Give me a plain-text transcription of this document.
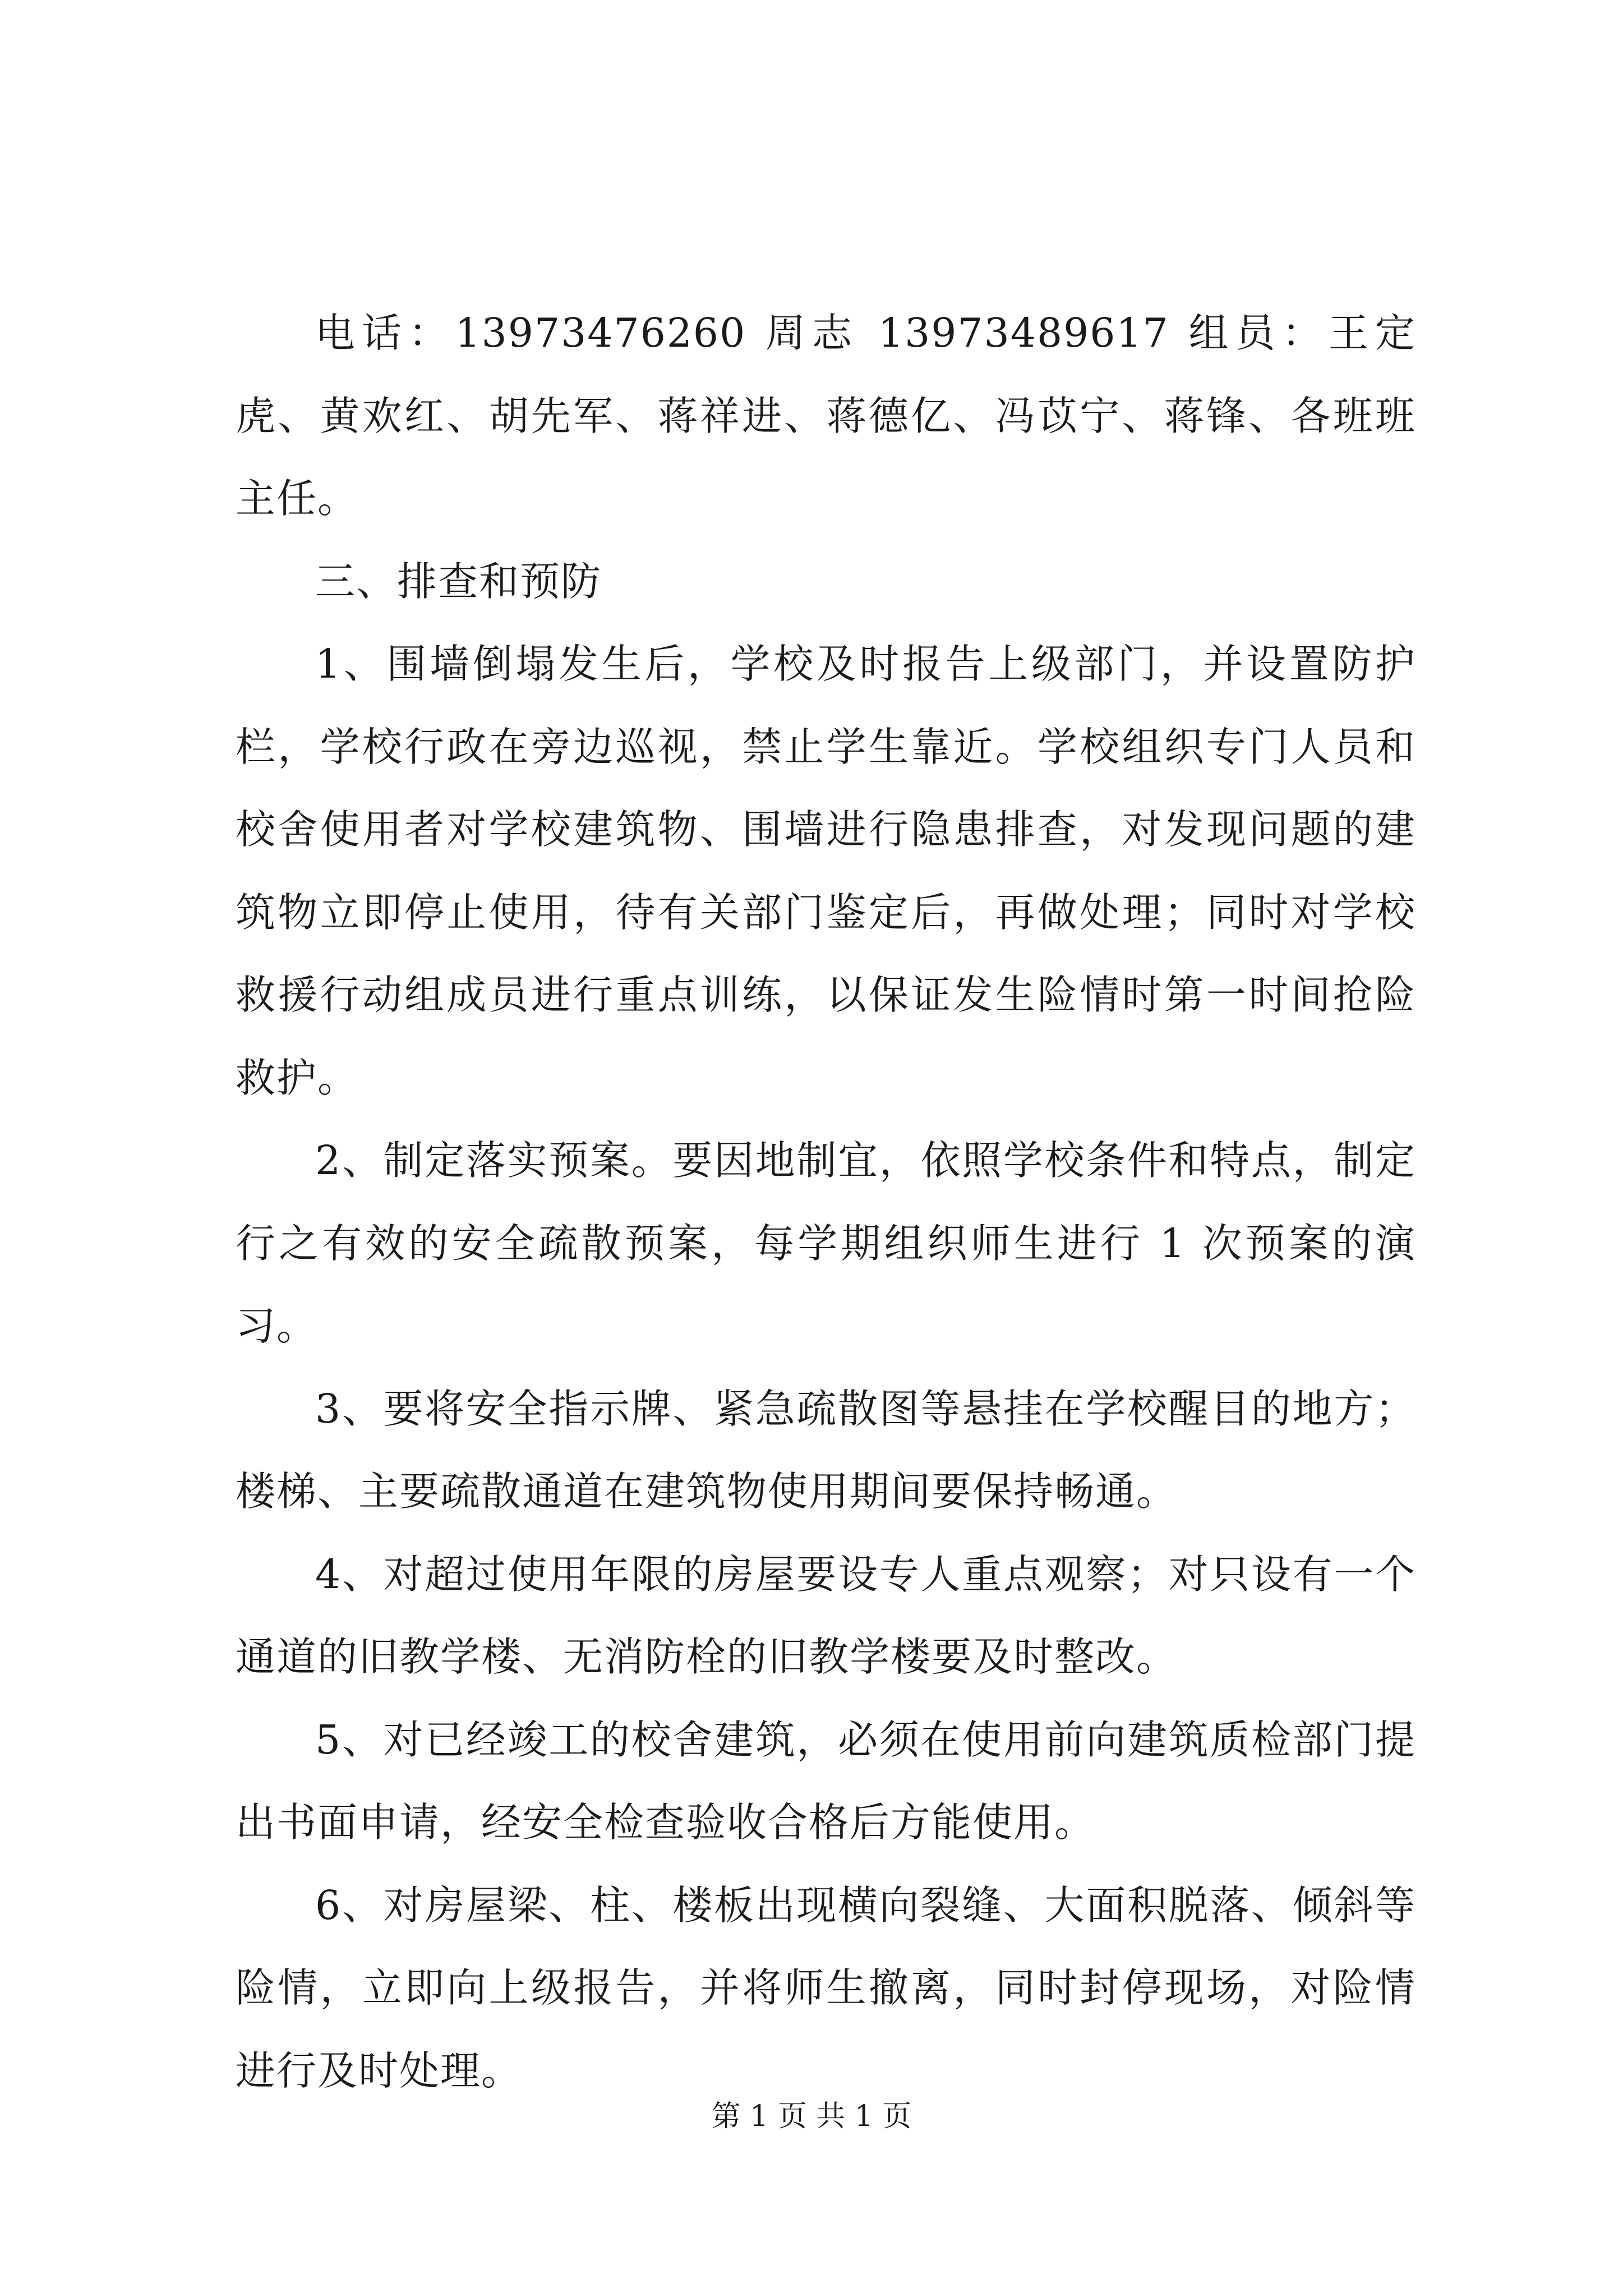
电话：13973476260 周志 13973489617 组员：王定虎、黄欢红、胡先军、蒋祥进、蒋德亿、冯苡宁、蒋锋、各班班主任。

三、排查和预防

1、围墙倒塌发生后，学校及时报告上级部门，并设置防护栏，学校行政在旁边巡视，禁止学生靠近。学校组织专门人员和校舍使用者对学校建筑物、围墙进行隐患排查，对发现问题的建筑物立即停止使用，待有关部门鉴定后，再做处理；同时对学校救援行动组成员进行重点训练，以保证发生险情时第一时间抢险救护。

2、制定落实预案。要因地制宜，依照学校条件和特点，制定行之有效的安全疏散预案，每学期组织师生进行 1 次预案的演习。

3、要将安全指示牌、紧急疏散图等悬挂在学校醒目的地方；楼梯、主要疏散通道在建筑物使用期间要保持畅通。

4、对超过使用年限的房屋要设专人重点观察；对只设有一个通道的旧教学楼、无消防栓的旧教学楼要及时整改。

5、对已经竣工的校舍建筑，必须在使用前向建筑质检部门提出书面申请，经安全检查验收合格后方能使用。

6、对房屋梁、柱、楼板出现横向裂缝、大面积脱落、倾斜等险情，立即向上级报告，并将师生撤离，同时封停现场，对险情进行及时处理。

第 1 页 共 1 页
